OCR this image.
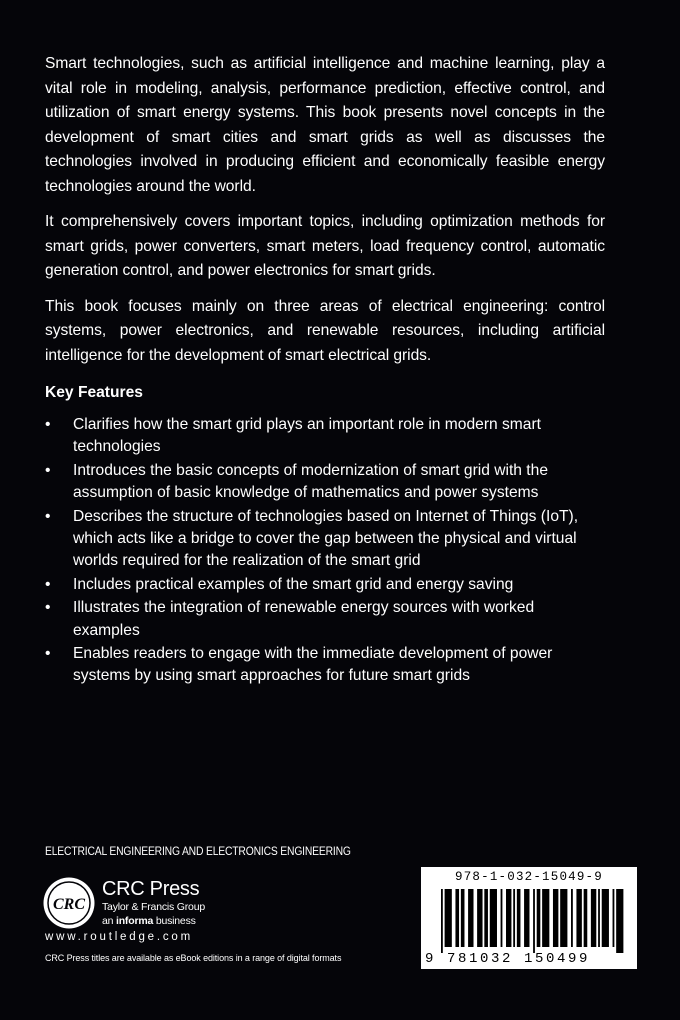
Smart technologies, such as artificial intelligence and machine learning, play a vital role in modeling, analysis, performance prediction, effective control, and utilization of smart energy systems. This book presents novel concepts in the development of smart cities and smart grids as well as discusses the technologies involved in producing efficient and economically feasible energy technologies around the world.

It comprehensively covers important topics, including optimization methods for smart grids, power converters, smart meters, load frequency control, automatic generation control, and power electronics for smart grids.

This book focuses mainly on three areas of electrical engineering: control systems, power electronics, and renewable resources, including artificial intelligence for the development of smart electrical grids.

Key Features
• Clarifies how the smart grid plays an important role in modern smart technologies
• Introduces the basic concepts of modernization of smart grid with the assumption of basic knowledge of mathematics and power systems
• Describes the structure of technologies based on Internet of Things (IoT), which acts like a bridge to cover the gap between the physical and virtual worlds required for the realization of the smart grid
• Includes practical examples of the smart grid and energy saving
• Illustrates the integration of renewable energy sources with worked examples
• Enables readers to engage with the immediate development of power systems by using smart approaches for future smart grids
ELECTRICAL ENGINEERING AND ELECTRONICS ENGINEERING
CRC
CRC Press
Taylor & Francis Group
an informa business
www.routledge.com
CRC Press titles are available as eBook editions in a range of digital formats
978-1-032-15049-9
9 781032 150499
